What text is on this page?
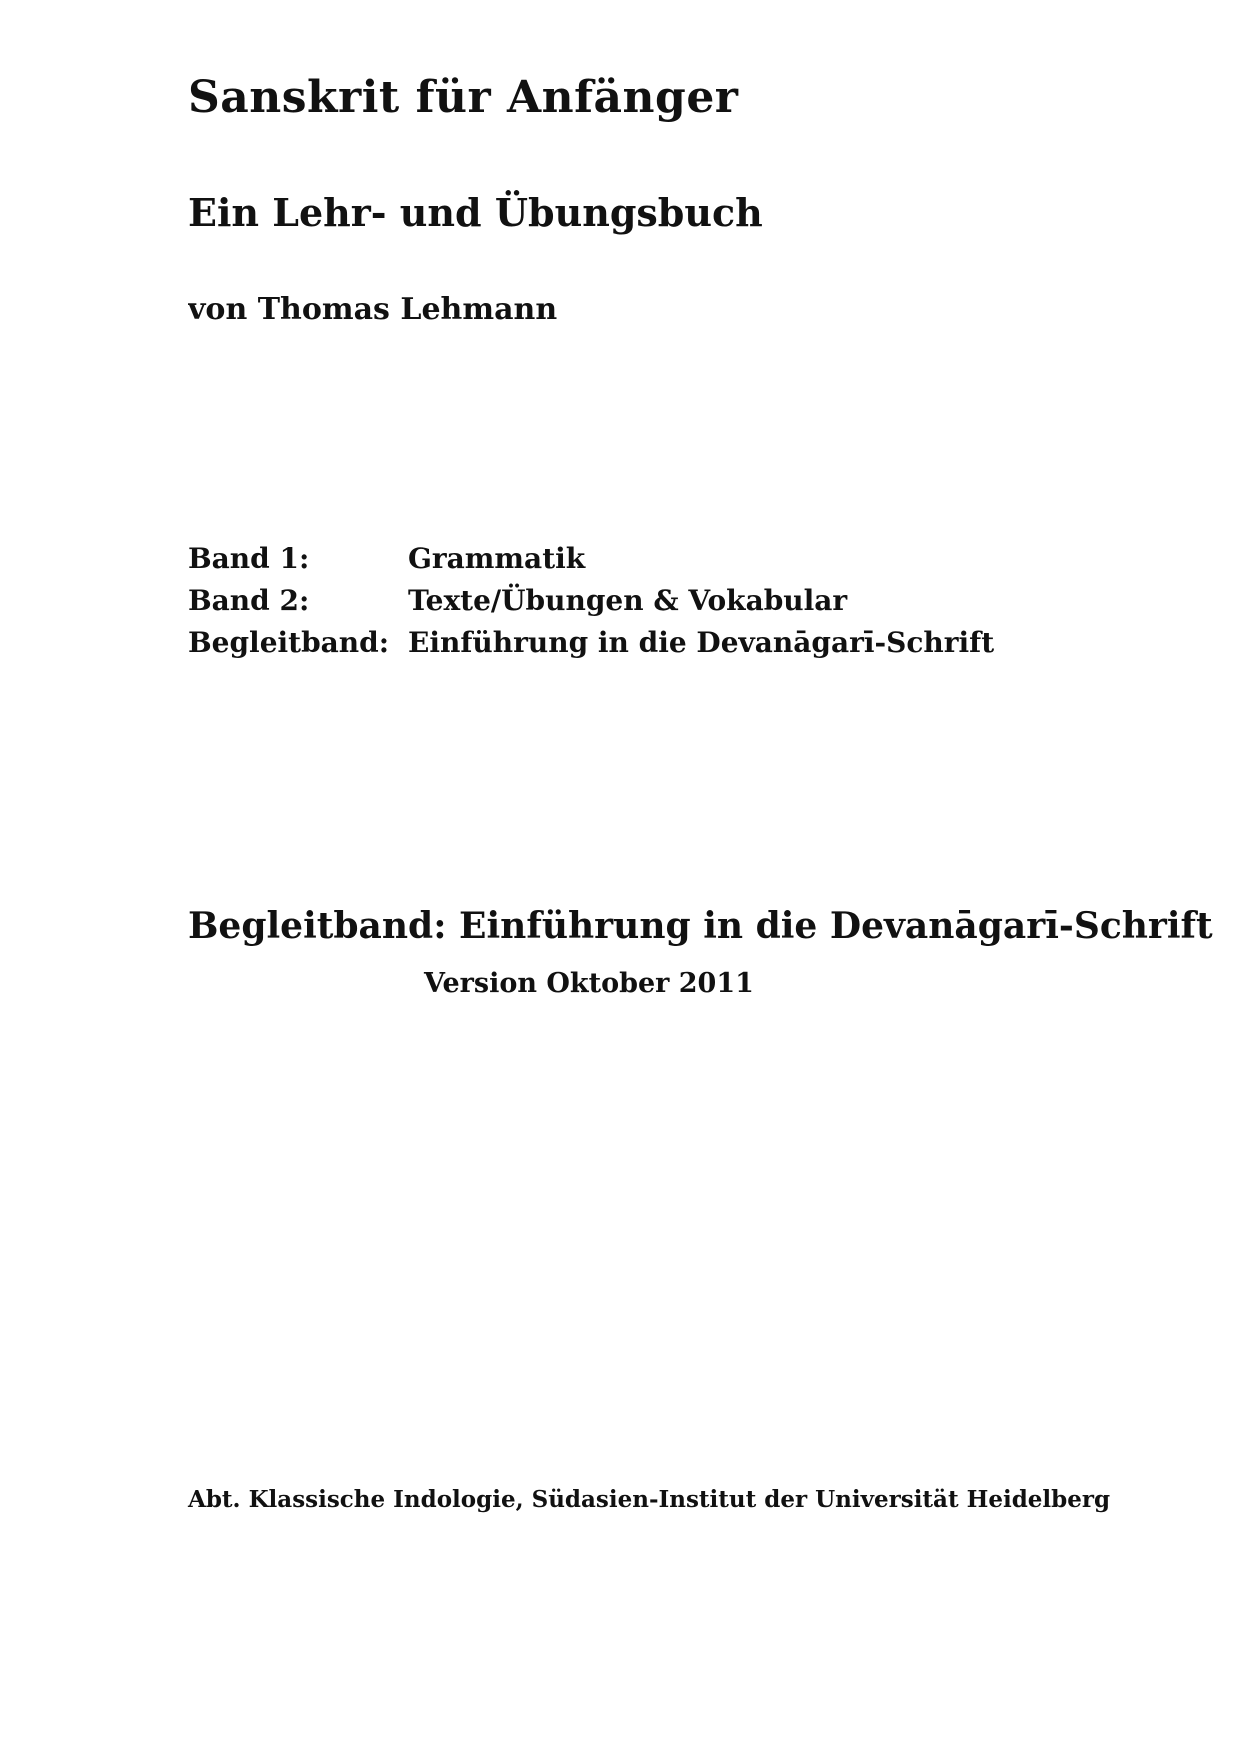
Sanskrit für Anfänger
Ein Lehr- und Übungsbuch
von Thomas Lehmann
Band 1:	Grammatik
Band 2:	Texte/Übungen & Vokabular
Begleitband: Einführung in die Devanāgarī-Schrift
Begleitband: Einführung in die Devanāgarī-Schrift
Version Oktober 2011
Abt. Klassische Indologie, Südasien-Institut der Universität Heidelberg
